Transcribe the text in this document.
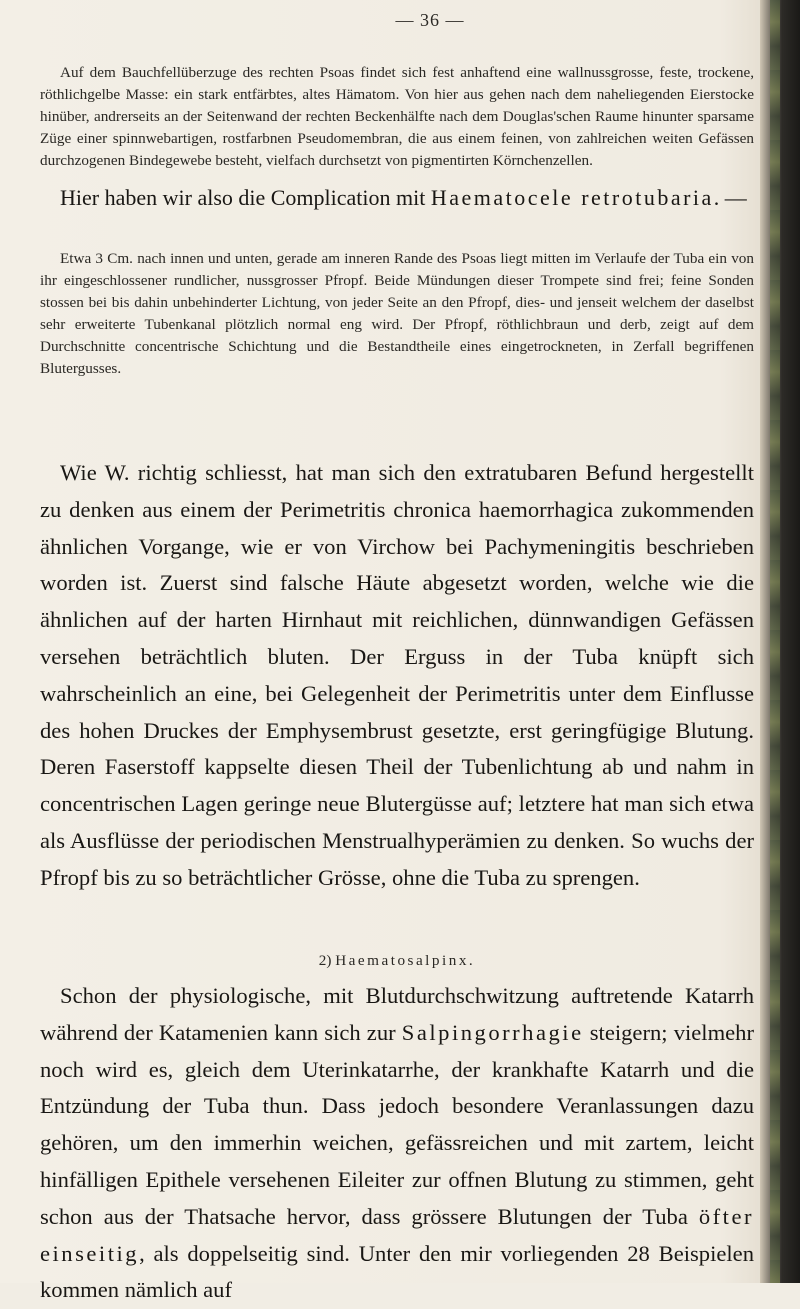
— 36 —

Auf dem Bauchfellüberzuge des rechten Psoas findet sich fest anhaftend eine wallnussgrosse, feste, trockene, röthlichgelbe Masse: ein stark entfärbtes, altes Hämatom. Von hier aus gehen nach dem naheliegenden Eierstocke hinüber, andrerseits an der Seitenwand der rechten Beckenhälfte nach dem Douglas'schen Raume hinunter sparsame Züge einer spinnwebartigen, rostfarbnen Pseudomembran, die aus einem feinen, von zahlreichen weiten Gefässen durchzogenen Bindegewebe besteht, vielfach durchsetzt von pigmentirten Körnchenzellen.

Hier haben wir also die Complication mit Haematocele retrotubaria. —

Etwa 3 Cm. nach innen und unten, gerade am inneren Rande des Psoas liegt mitten im Verlaufe der Tuba ein von ihr eingeschlossener rundlicher, nussgrosser Pfropf. Beide Mündungen dieser Trompete sind frei; feine Sonden stossen bei bis dahin unbehinderter Lichtung, von jeder Seite an den Pfropf, dies- und jenseit welchem der daselbst sehr erweiterte Tubenkanal plötzlich normal eng wird. Der Pfropf, röthlichbraun und derb, zeigt auf dem Durchschnitte concentrische Schichtung und die Bestandtheile eines eingetrockneten, in Zerfall begriffenen Blutergusses.

Wie W. richtig schliesst, hat man sich den extratubaren Befund hergestellt zu denken aus einem der Perimetritis chronica haemorrhagica zukommenden ähnlichen Vorgange, wie er von Virchow bei Pachymeningitis beschrieben worden ist. Zuerst sind falsche Häute abgesetzt worden, welche wie die ähnlichen auf der harten Hirnhaut mit reichlichen, dünnwandigen Gefässen versehen beträchtlich bluten. Der Erguss in der Tuba knüpft sich wahrscheinlich an eine, bei Gelegenheit der Perimetritis unter dem Einflusse des hohen Druckes der Emphysembrust gesetzte, erst geringfügige Blutung. Deren Faserstoff kappselte diesen Theil der Tubenlichtung ab und nahm in concentrischen Lagen geringe neue Blutergüsse auf; letztere hat man sich etwa als Ausflüsse der periodischen Menstrualhyperämien zu denken. So wuchs der Pfropf bis zu so beträchtlicher Grösse, ohne die Tuba zu sprengen.

2) Haematosalpinx.

Schon der physiologische, mit Blutdurchschwitzung auftretende Katarrh während der Katamenien kann sich zur Salpingorrhagie steigern; vielmehr noch wird es, gleich dem Uterinkatarrhe, der krankhafte Katarrh und die Entzündung der Tuba thun. Dass jedoch besondere Veranlassungen dazu gehören, um den immerhin weichen, gefässreichen und mit zartem, leicht hinfälligen Epithele versehenen Eileiter zur offnen Blutung zu stimmen, geht schon aus der Thatsache hervor, dass grössere Blutungen der Tuba öfter einseitig, als doppelseitig sind. Unter den mir vorliegenden 28 Beispielen kommen nämlich auf
